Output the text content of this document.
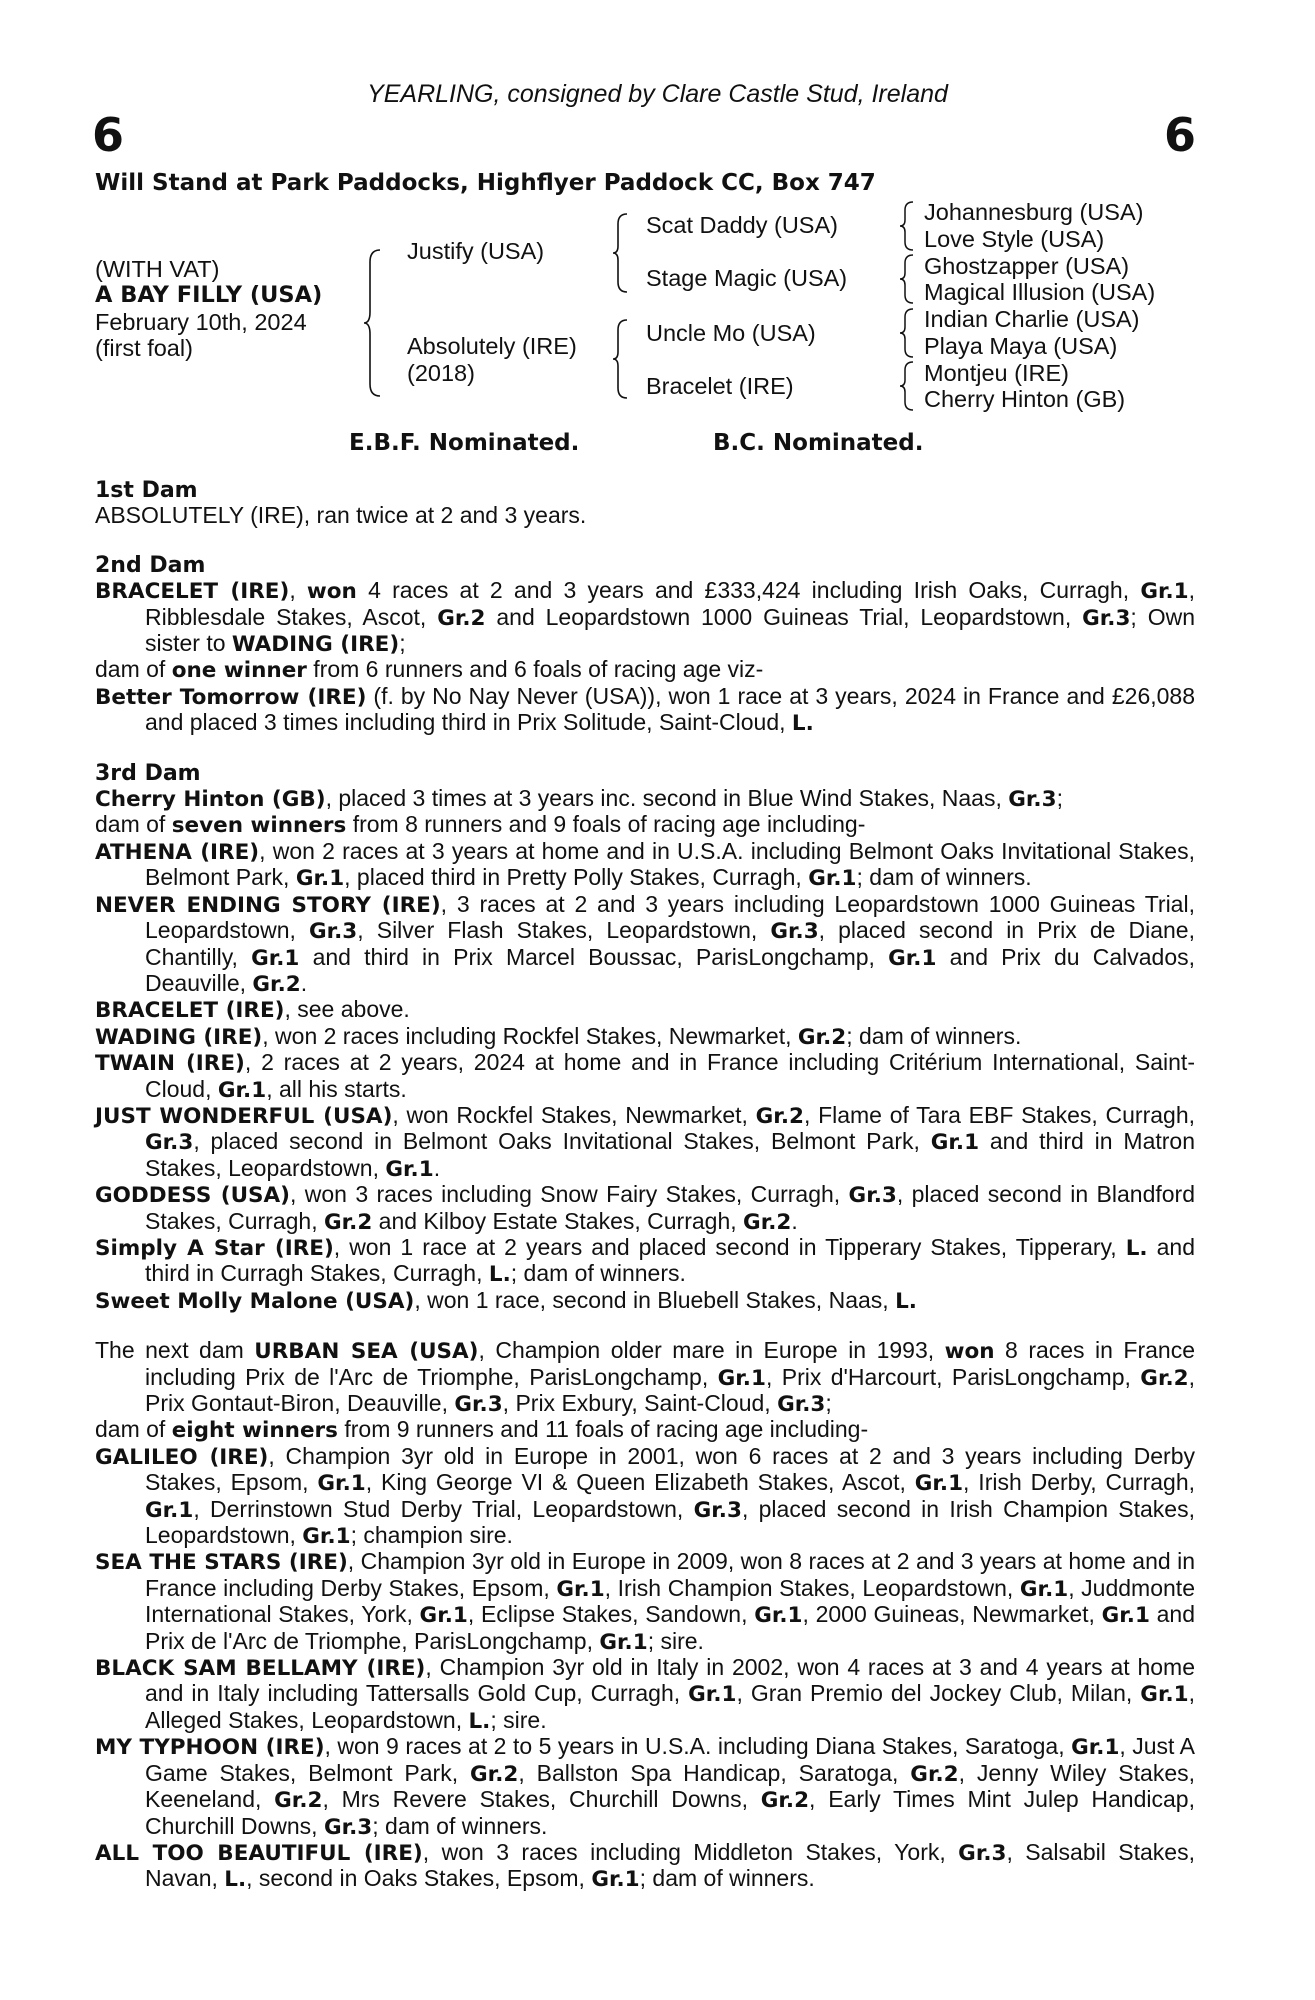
YEARLING, consigned by Clare Castle Stud, Ireland
6	6
Will Stand at Park Paddocks, Highflyer Paddock CC, Box 747
(WITH VAT)
A BAY FILLY (USA)
February 10th, 2024
(first foal)
Justify (USA)
Absolutely (IRE)
(2018)
Scat Daddy (USA)
Stage Magic (USA)
Uncle Mo (USA)
Bracelet (IRE)
Johannesburg (USA)
Love Style (USA)
Ghostzapper (USA)
Magical Illusion (USA)
Indian Charlie (USA)
Playa Maya (USA)
Montjeu (IRE)
Cherry Hinton (GB)
E.B.F. Nominated.	B.C. Nominated.

1st Dam

ABSOLUTELY (IRE), ran twice at 2 and 3 years.

2nd Dam

BRACELET (IRE), won 4 races at 2 and 3 years and £333,424 including Irish Oaks, Curragh, Gr.1, Ribblesdale Stakes, Ascot, Gr.2 and Leopardstown 1000 Guineas Trial, Leopardstown, Gr.3; Own sister to WADING (IRE);

dam of one winner from 6 runners and 6 foals of racing age viz-

Better Tomorrow (IRE) (f. by No Nay Never (USA)), won 1 race at 3 years, 2024 in France and £26,088 and placed 3 times including third in Prix Solitude, Saint-Cloud, L.

3rd Dam

Cherry Hinton (GB), placed 3 times at 3 years inc. second in Blue Wind Stakes, Naas, Gr.3;

dam of seven winners from 8 runners and 9 foals of racing age including-

ATHENA (IRE), won 2 races at 3 years at home and in U.S.A. including Belmont Oaks Invitational Stakes, Belmont Park, Gr.1, placed third in Pretty Polly Stakes, Curragh, Gr.1; dam of winners.

NEVER ENDING STORY (IRE), 3 races at 2 and 3 years including Leopardstown 1000 Guineas Trial, Leopardstown, Gr.3, Silver Flash Stakes, Leopardstown, Gr.3, placed second in Prix de Diane, Chantilly, Gr.1 and third in Prix Marcel Boussac, ParisLongchamp, Gr.1 and Prix du Calvados, Deauville, Gr.2.

BRACELET (IRE), see above.

WADING (IRE), won 2 races including Rockfel Stakes, Newmarket, Gr.2; dam of winners.

TWAIN (IRE), 2 races at 2 years, 2024 at home and in France including Critérium International, Saint-Cloud, Gr.1, all his starts.

JUST WONDERFUL (USA), won Rockfel Stakes, Newmarket, Gr.2, Flame of Tara EBF Stakes, Curragh, Gr.3, placed second in Belmont Oaks Invitational Stakes, Belmont Park, Gr.1 and third in Matron Stakes, Leopardstown, Gr.1.

GODDESS (USA), won 3 races including Snow Fairy Stakes, Curragh, Gr.3, placed second in Blandford Stakes, Curragh, Gr.2 and Kilboy Estate Stakes, Curragh, Gr.2.

Simply A Star (IRE), won 1 race at 2 years and placed second in Tipperary Stakes, Tipperary, L. and third in Curragh Stakes, Curragh, L.; dam of winners.

Sweet Molly Malone (USA), won 1 race, second in Bluebell Stakes, Naas, L.

The next dam URBAN SEA (USA), Champion older mare in Europe in 1993, won 8 races in France including Prix de l'Arc de Triomphe, ParisLongchamp, Gr.1, Prix d'Harcourt, ParisLongchamp, Gr.2, Prix Gontaut-Biron, Deauville, Gr.3, Prix Exbury, Saint-Cloud, Gr.3;

dam of eight winners from 9 runners and 11 foals of racing age including-

GALILEO (IRE), Champion 3yr old in Europe in 2001, won 6 races at 2 and 3 years including Derby Stakes, Epsom, Gr.1, King George VI & Queen Elizabeth Stakes, Ascot, Gr.1, Irish Derby, Curragh, Gr.1, Derrinstown Stud Derby Trial, Leopardstown, Gr.3, placed second in Irish Champion Stakes, Leopardstown, Gr.1; champion sire.

SEA THE STARS (IRE), Champion 3yr old in Europe in 2009, won 8 races at 2 and 3 years at home and in France including Derby Stakes, Epsom, Gr.1, Irish Champion Stakes, Leopardstown, Gr.1, Juddmonte International Stakes, York, Gr.1, Eclipse Stakes, Sandown, Gr.1, 2000 Guineas, Newmarket, Gr.1 and Prix de l'Arc de Triomphe, ParisLongchamp, Gr.1; sire.

BLACK SAM BELLAMY (IRE), Champion 3yr old in Italy in 2002, won 4 races at 3 and 4 years at home and in Italy including Tattersalls Gold Cup, Curragh, Gr.1, Gran Premio del Jockey Club, Milan, Gr.1, Alleged Stakes, Leopardstown, L.; sire.

MY TYPHOON (IRE), won 9 races at 2 to 5 years in U.S.A. including Diana Stakes, Saratoga, Gr.1, Just A Game Stakes, Belmont Park, Gr.2, Ballston Spa Handicap, Saratoga, Gr.2, Jenny Wiley Stakes, Keeneland, Gr.2, Mrs Revere Stakes, Churchill Downs, Gr.2, Early Times Mint Julep Handicap, Churchill Downs, Gr.3; dam of winners.

ALL TOO BEAUTIFUL (IRE), won 3 races including Middleton Stakes, York, Gr.3, Salsabil Stakes, Navan, L., second in Oaks Stakes, Epsom, Gr.1; dam of winners.
